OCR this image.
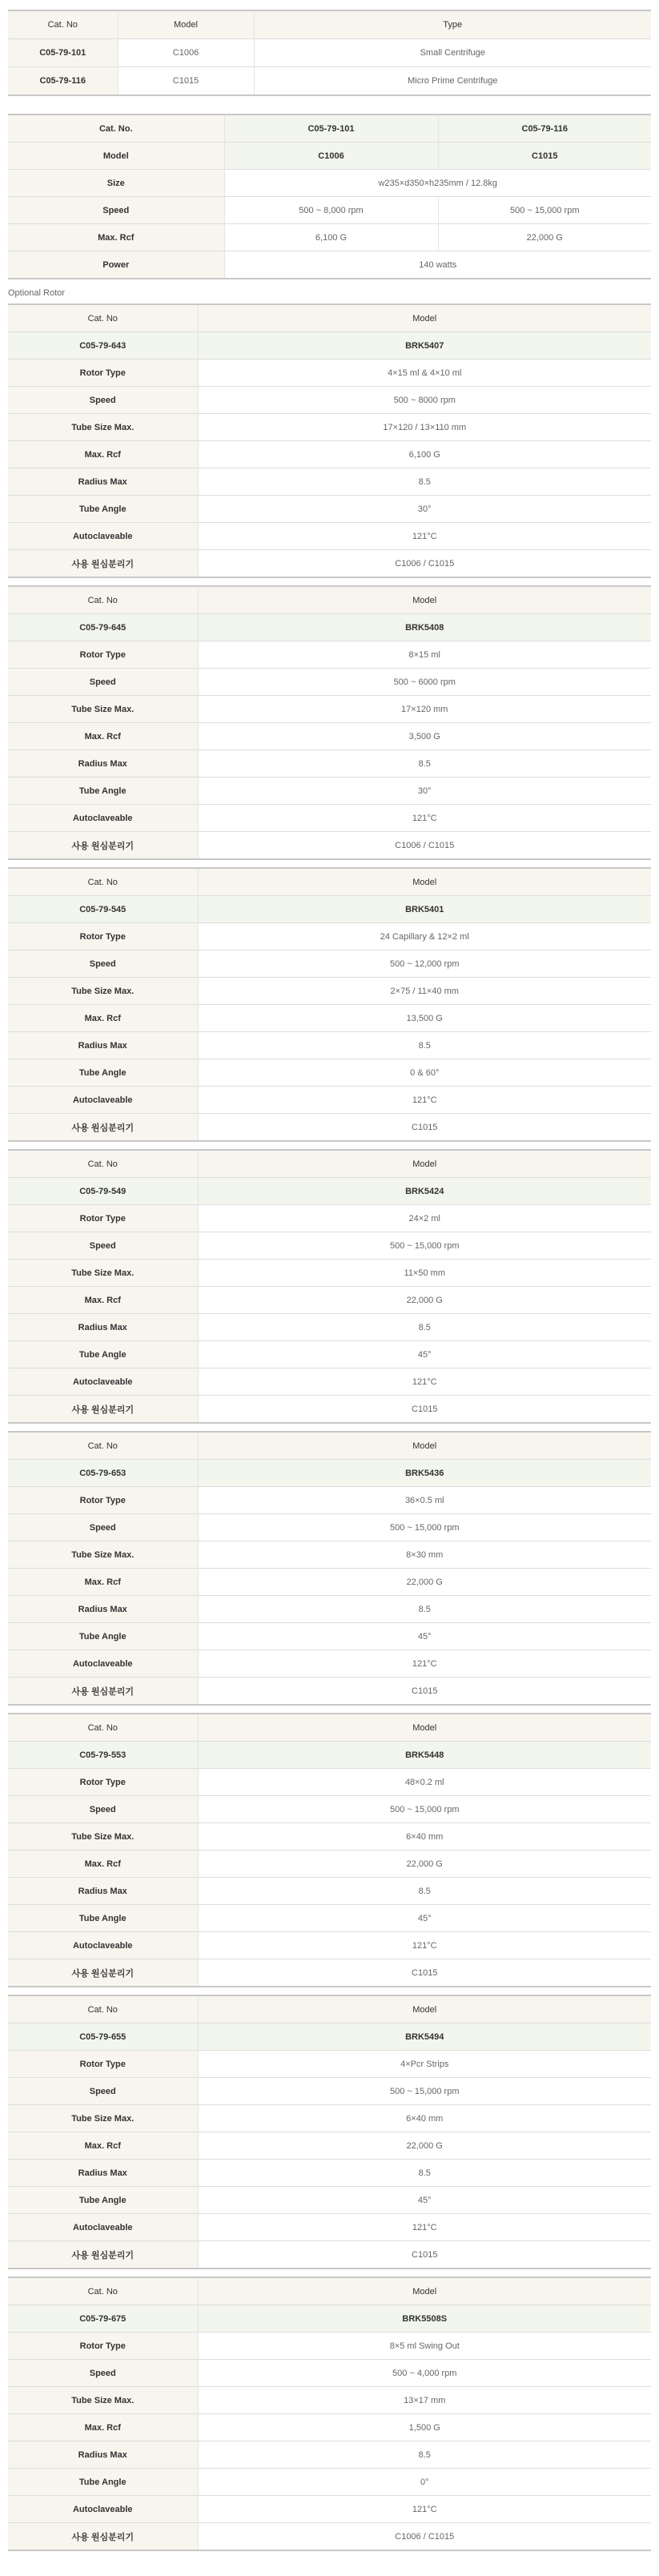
Cat. No	Model	Type
C05-79-101	C1006	Small Centrifuge
C05-79-116	C1015	Micro Prime Centrifuge
Cat. No.	C05-79-101	C05-79-116
Model	C1006	C1015
Size	w235×d350×h235mm / 12.8kg	
Speed	500 ~ 8,000 rpm	500 ~ 15,000 rpm
Max. Rcf	6,100 G	22,000 G
Power	140 watts	
Optional Rotor
Cat. No	Model
C05-79-643	BRK5407
Rotor Type	4×15 ml & 4×10 ml
Speed	500 ~ 8000 rpm
Tube Size Max.	17×120 / 13×110 mm
Max. Rcf	6,100 G
Radius Max	8.5
Tube Angle	30°
Autoclaveable	121°C
사용 원심분리기	C1006 / C1015
Cat. No	Model
C05-79-645	BRK5408
Rotor Type	8×15 ml
Speed	500 ~ 6000 rpm
Tube Size Max.	17×120 mm
Max. Rcf	3,500 G
Radius Max	8.5
Tube Angle	30°
Autoclaveable	121°C
사용 원심분리기	C1006 / C1015
Cat. No	Model
C05-79-545	BRK5401
Rotor Type	24 Capillary & 12×2 ml
Speed	500 ~ 12,000 rpm
Tube Size Max.	2×75 / 11×40 mm
Max. Rcf	13,500 G
Radius Max	8.5
Tube Angle	0 & 60°
Autoclaveable	121°C
사용 원심분리기	C1015
Cat. No	Model
C05-79-549	BRK5424
Rotor Type	24×2 ml
Speed	500 ~ 15,000 rpm
Tube Size Max.	11×50 mm
Max. Rcf	22,000 G
Radius Max	8.5
Tube Angle	45°
Autoclaveable	121°C
사용 원심분리기	C1015
Cat. No	Model
C05-79-653	BRK5436
Rotor Type	36×0.5 ml
Speed	500 ~ 15,000 rpm
Tube Size Max.	8×30 mm
Max. Rcf	22,000 G
Radius Max	8.5
Tube Angle	45°
Autoclaveable	121°C
사용 원심분리기	C1015
Cat. No	Model
C05-79-553	BRK5448
Rotor Type	48×0.2 ml
Speed	500 ~ 15,000 rpm
Tube Size Max.	6×40 mm
Max. Rcf	22,000 G
Radius Max	8.5
Tube Angle	45°
Autoclaveable	121°C
사용 원심분리기	C1015
Cat. No	Model
C05-79-655	BRK5494
Rotor Type	4×Pcr Strips
Speed	500 ~ 15,000 rpm
Tube Size Max.	6×40 mm
Max. Rcf	22,000 G
Radius Max	8.5
Tube Angle	45°
Autoclaveable	121°C
사용 원심분리기	C1015
Cat. No	Model
C05-79-675	BRK5508S
Rotor Type	8×5 ml Swing Out
Speed	500 ~ 4,000 rpm
Tube Size Max.	13×17 mm
Max. Rcf	1,500 G
Radius Max	8.5
Tube Angle	0°
Autoclaveable	121°C
사용 원심분리기	C1006 / C1015
